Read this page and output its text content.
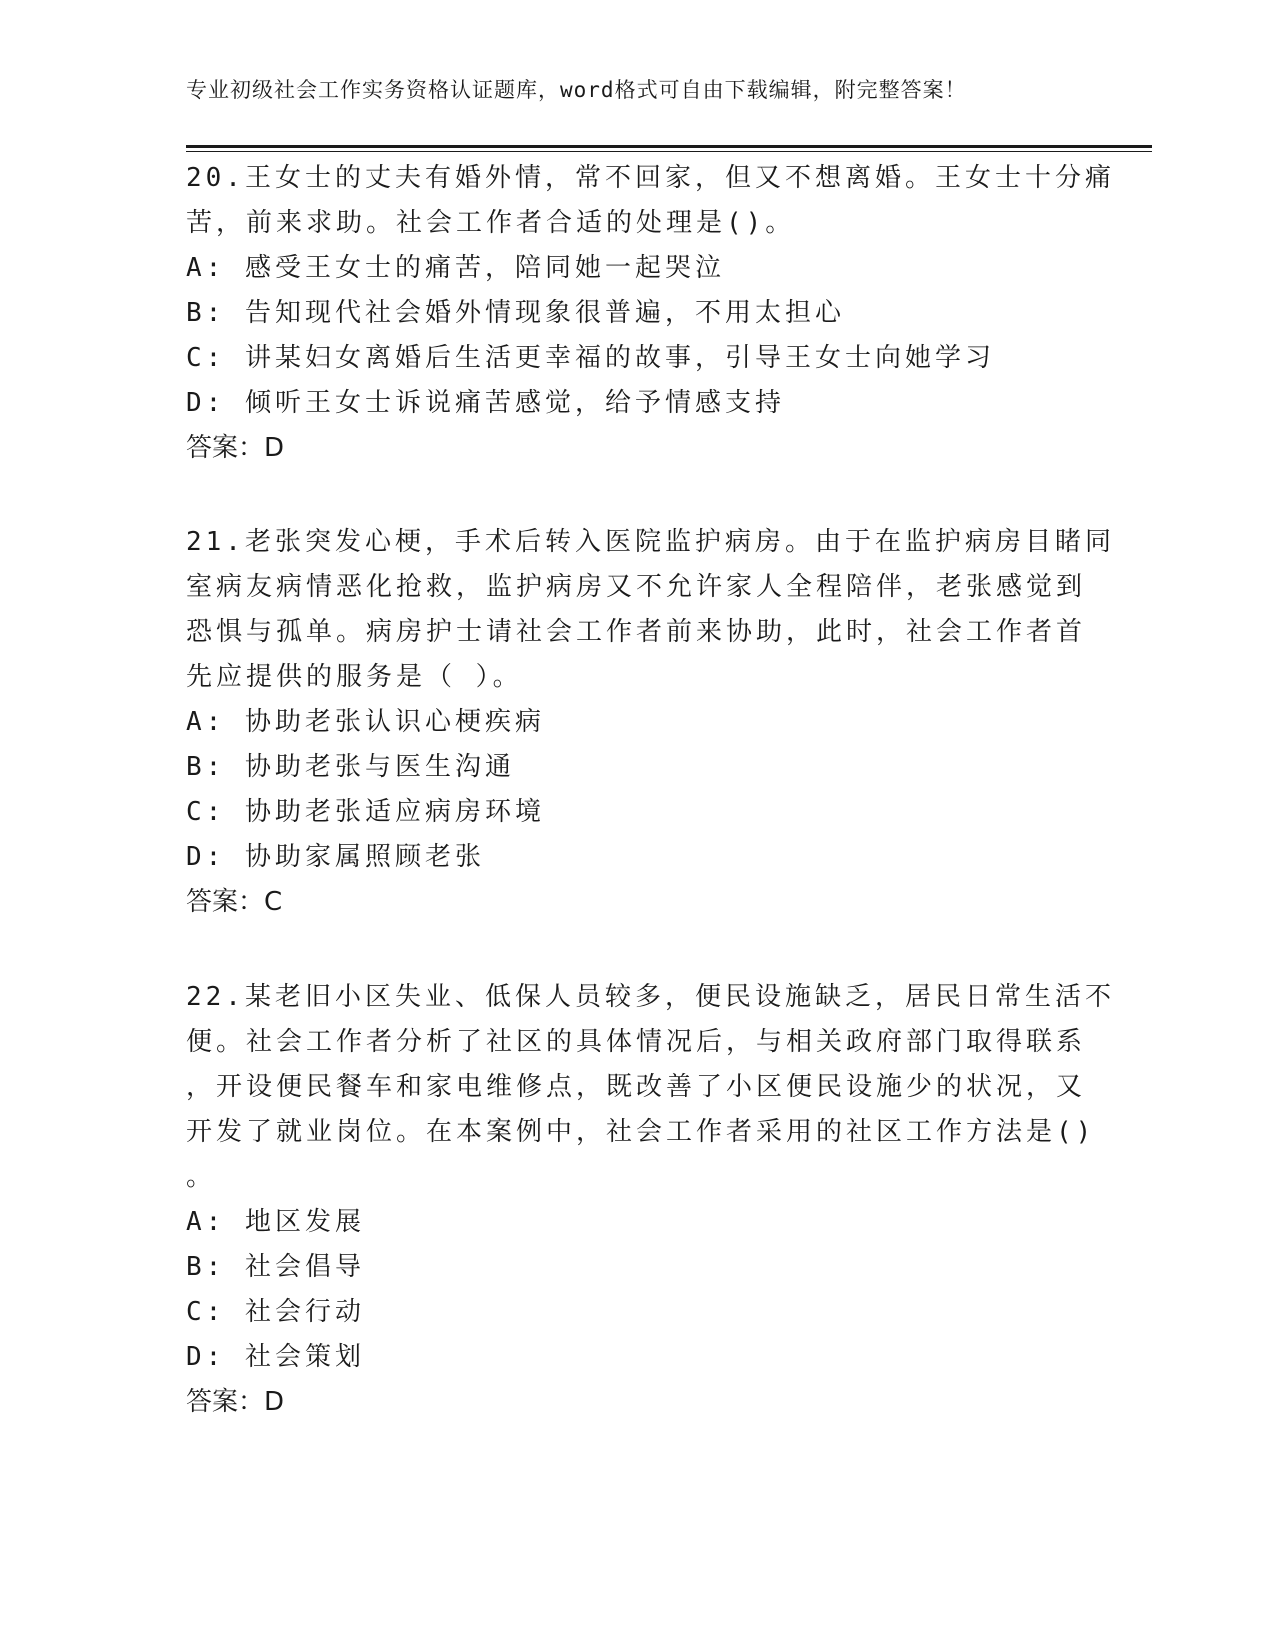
专业初级社会工作实务资格认证题库，word格式可自由下载编辑，附完整答案！
20.王女士的丈夫有婚外情，常不回家，但又不想离婚。王女士十分痛
苦，前来求助。社会工作者合适的处理是()。
A: 感受王女士的痛苦，陪同她一起哭泣
B: 告知现代社会婚外情现象很普遍，不用太担心
C: 讲某妇女离婚后生活更幸福的故事，引导王女士向她学习
D: 倾听王女士诉说痛苦感觉，给予情感支持
答案：D
21.老张突发心梗，手术后转入医院监护病房。由于在监护病房目睹同
室病友病情恶化抢救，监护病房又不允许家人全程陪伴，老张感觉到
恐惧与孤单。病房护士请社会工作者前来协助，此时，社会工作者首
先应提供的服务是（ ）。
A: 协助老张认识心梗疾病
B: 协助老张与医生沟通
C: 协助老张适应病房环境
D: 协助家属照顾老张
答案：C
22.某老旧小区失业、低保人员较多，便民设施缺乏，居民日常生活不
便。社会工作者分析了社区的具体情况后，与相关政府部门取得联系
，开设便民餐车和家电维修点，既改善了小区便民设施少的状况，又
开发了就业岗位。在本案例中，社会工作者采用的社区工作方法是()
。
A: 地区发展
B: 社会倡导
C: 社会行动
D: 社会策划
答案：D
